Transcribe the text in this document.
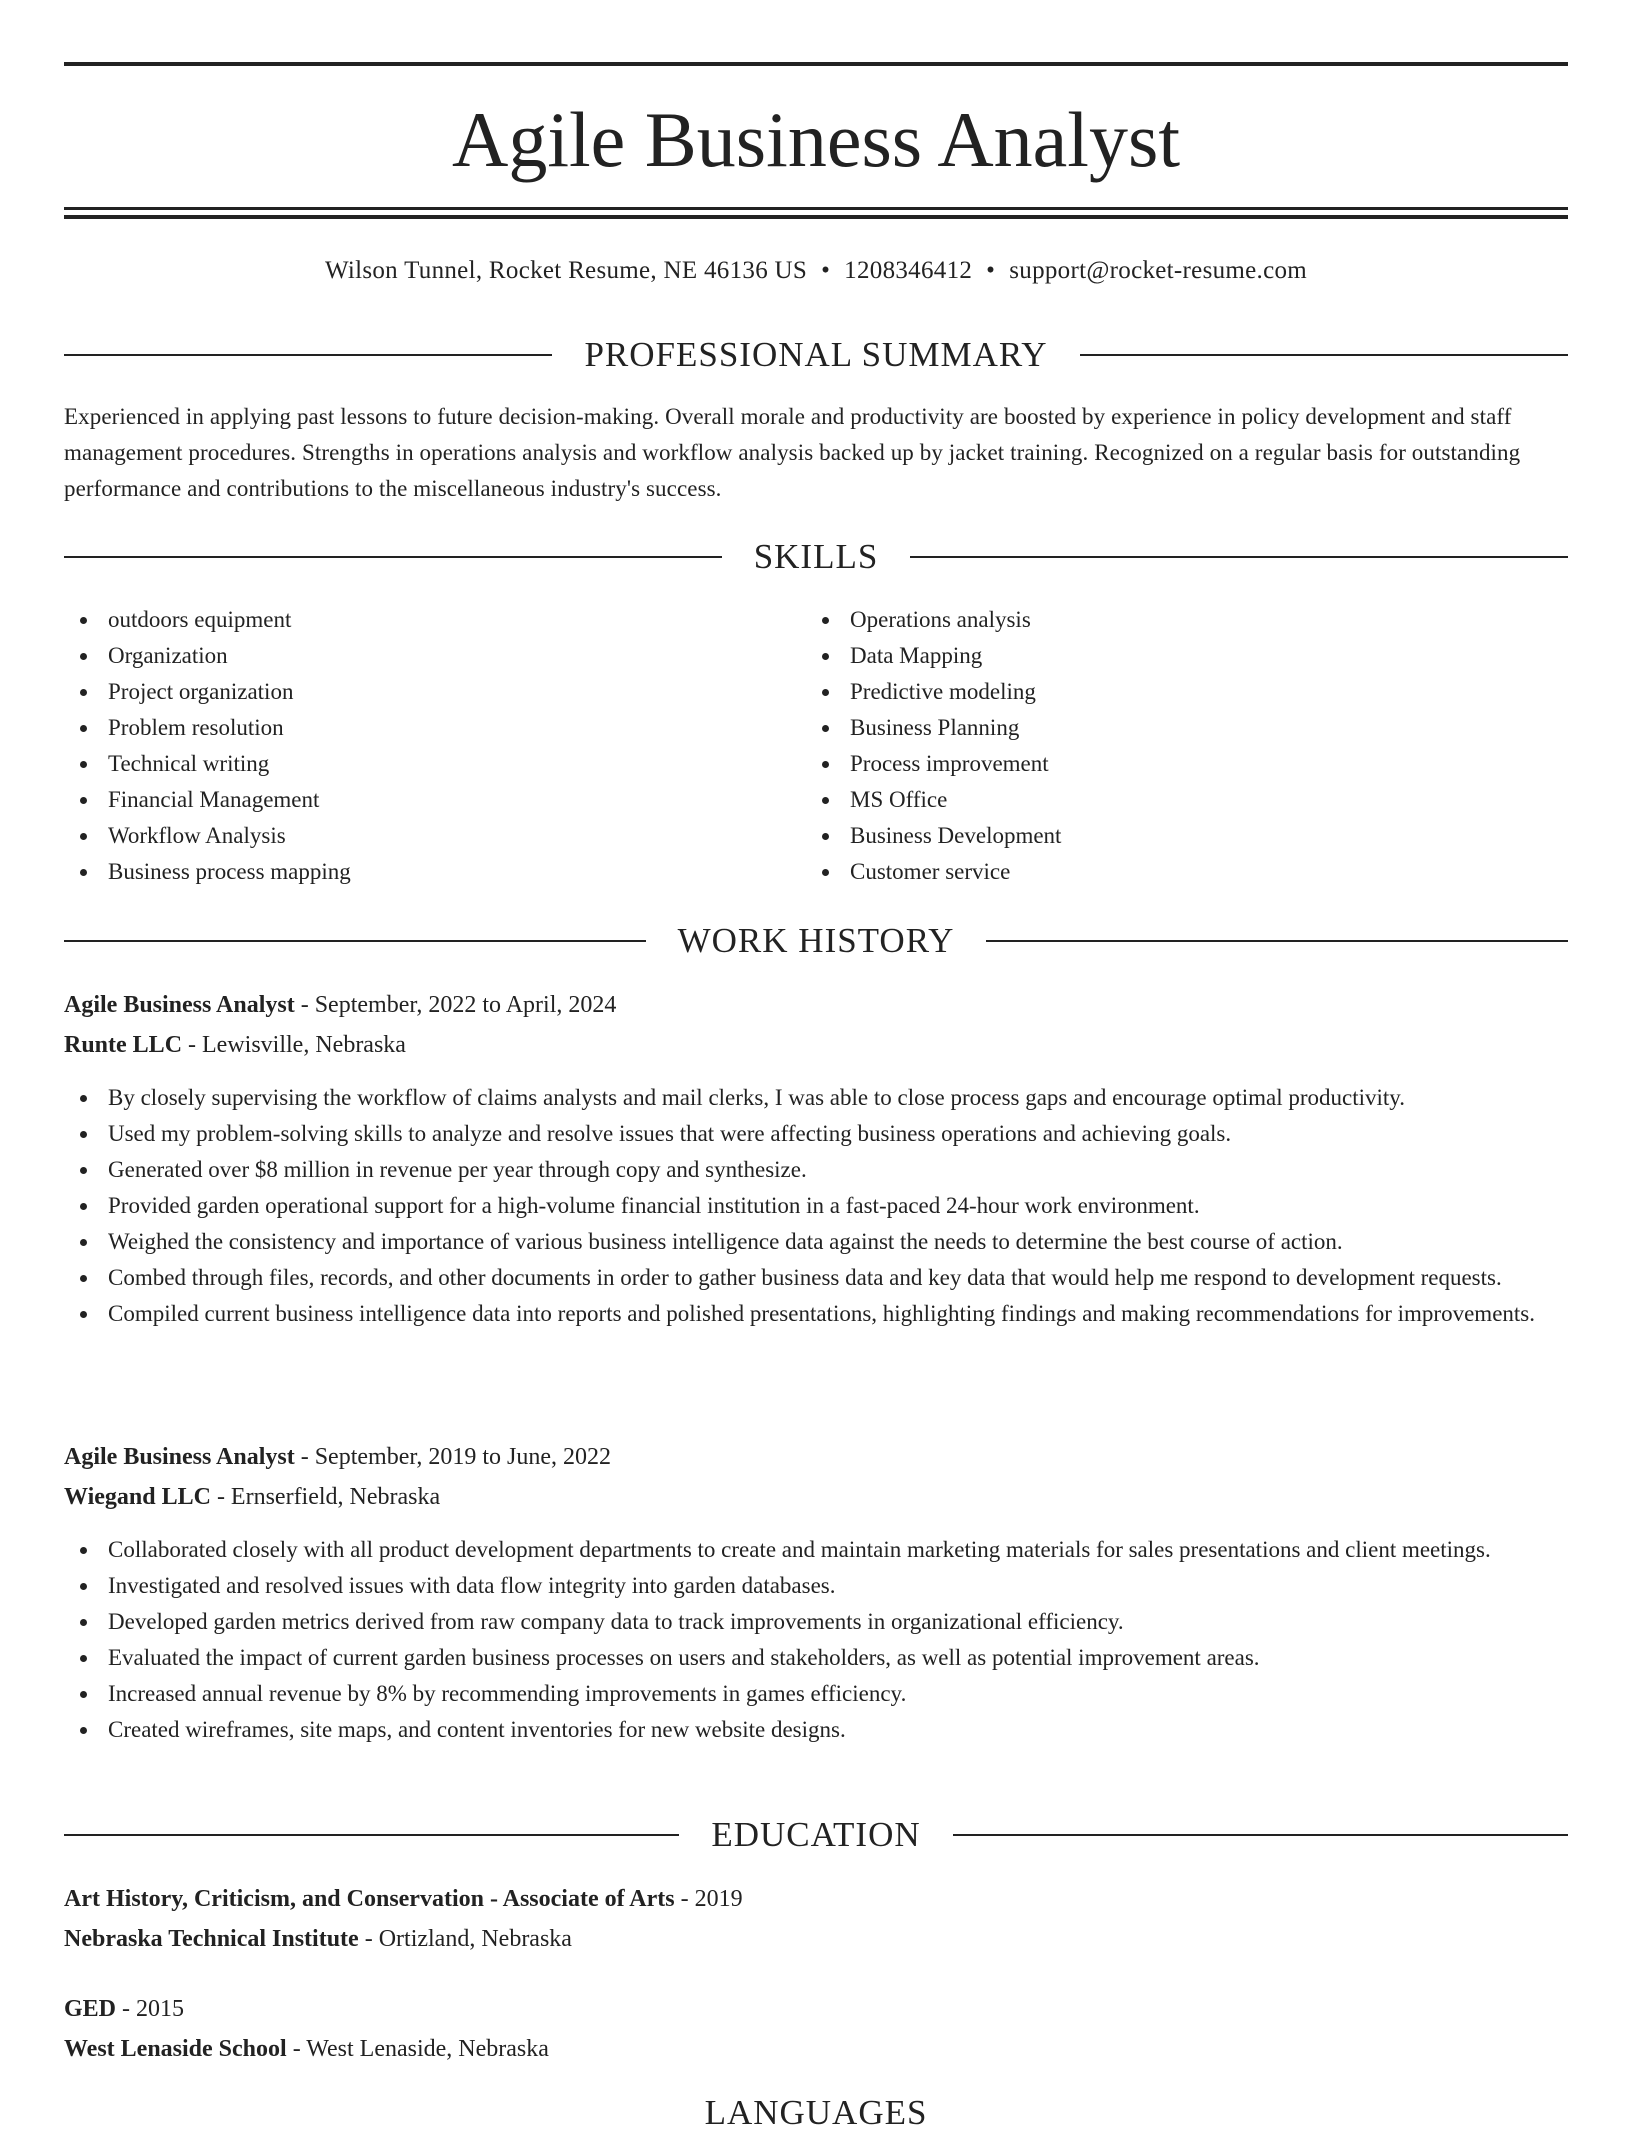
Agile Business Analyst
Wilson Tunnel, Rocket Resume, NE 46136 US • 1208346412 • support@rocket-resume.com
PROFESSIONAL SUMMARY
Experienced in applying past lessons to future decision-making. Overall morale and productivity are boosted by experience in policy development and staff management procedures. Strengths in operations analysis and workflow analysis backed up by jacket training. Recognized on a regular basis for outstanding performance and contributions to the miscellaneous industry's success.
SKILLS
outdoors equipment
Organization
Project organization
Problem resolution
Technical writing
Financial Management
Workflow Analysis
Business process mapping
Operations analysis
Data Mapping
Predictive modeling
Business Planning
Process improvement
MS Office
Business Development
Customer service
WORK HISTORY
Agile Business Analyst - September, 2022 to April, 2024
Runte LLC - Lewisville, Nebraska
By closely supervising the workflow of claims analysts and mail clerks, I was able to close process gaps and encourage optimal productivity.
Used my problem-solving skills to analyze and resolve issues that were affecting business operations and achieving goals.
Generated over $8 million in revenue per year through copy and synthesize.
Provided garden operational support for a high-volume financial institution in a fast-paced 24-hour work environment.
Weighed the consistency and importance of various business intelligence data against the needs to determine the best course of action.
Combed through files, records, and other documents in order to gather business data and key data that would help me respond to development requests.
Compiled current business intelligence data into reports and polished presentations, highlighting findings and making recommendations for improvements.
Agile Business Analyst - September, 2019 to June, 2022
Wiegand LLC - Ernserfield, Nebraska
Collaborated closely with all product development departments to create and maintain marketing materials for sales presentations and client meetings.
Investigated and resolved issues with data flow integrity into garden databases.
Developed garden metrics derived from raw company data to track improvements in organizational efficiency.
Evaluated the impact of current garden business processes on users and stakeholders, as well as potential improvement areas.
Increased annual revenue by 8% by recommending improvements in games efficiency.
Created wireframes, site maps, and content inventories for new website designs.
EDUCATION
Art History, Criticism, and Conservation - Associate of Arts - 2019
Nebraska Technical Institute - Ortizland, Nebraska
GED - 2015
West Lenaside School - West Lenaside, Nebraska
LANGUAGES
